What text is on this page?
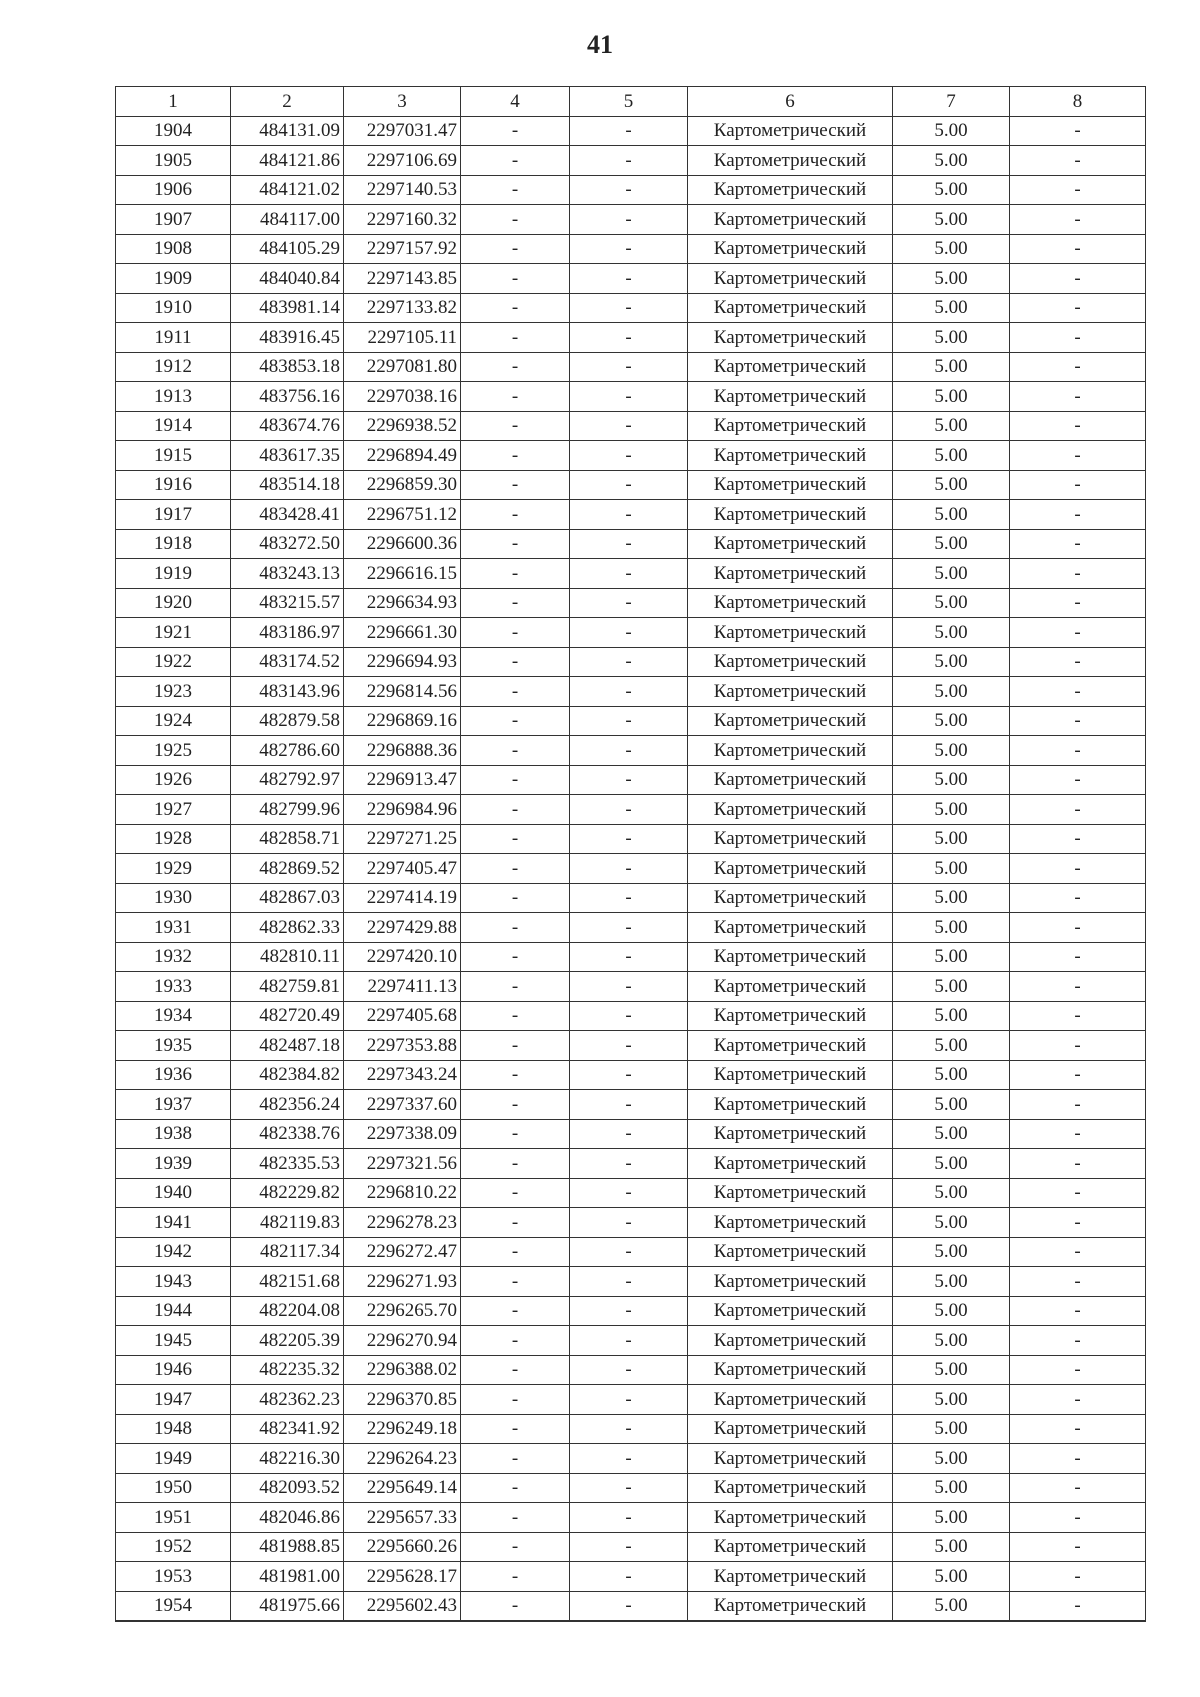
41
1	2	3	4	5	6	7	8
1904	484131.09	2297031.47	-	-	Картометрический	5.00	-
1905	484121.86	2297106.69	-	-	Картометрический	5.00	-
1906	484121.02	2297140.53	-	-	Картометрический	5.00	-
1907	484117.00	2297160.32	-	-	Картометрический	5.00	-
1908	484105.29	2297157.92	-	-	Картометрический	5.00	-
1909	484040.84	2297143.85	-	-	Картометрический	5.00	-
1910	483981.14	2297133.82	-	-	Картометрический	5.00	-
1911	483916.45	2297105.11	-	-	Картометрический	5.00	-
1912	483853.18	2297081.80	-	-	Картометрический	5.00	-
1913	483756.16	2297038.16	-	-	Картометрический	5.00	-
1914	483674.76	2296938.52	-	-	Картометрический	5.00	-
1915	483617.35	2296894.49	-	-	Картометрический	5.00	-
1916	483514.18	2296859.30	-	-	Картометрический	5.00	-
1917	483428.41	2296751.12	-	-	Картометрический	5.00	-
1918	483272.50	2296600.36	-	-	Картометрический	5.00	-
1919	483243.13	2296616.15	-	-	Картометрический	5.00	-
1920	483215.57	2296634.93	-	-	Картометрический	5.00	-
1921	483186.97	2296661.30	-	-	Картометрический	5.00	-
1922	483174.52	2296694.93	-	-	Картометрический	5.00	-
1923	483143.96	2296814.56	-	-	Картометрический	5.00	-
1924	482879.58	2296869.16	-	-	Картометрический	5.00	-
1925	482786.60	2296888.36	-	-	Картометрический	5.00	-
1926	482792.97	2296913.47	-	-	Картометрический	5.00	-
1927	482799.96	2296984.96	-	-	Картометрический	5.00	-
1928	482858.71	2297271.25	-	-	Картометрический	5.00	-
1929	482869.52	2297405.47	-	-	Картометрический	5.00	-
1930	482867.03	2297414.19	-	-	Картометрический	5.00	-
1931	482862.33	2297429.88	-	-	Картометрический	5.00	-
1932	482810.11	2297420.10	-	-	Картометрический	5.00	-
1933	482759.81	2297411.13	-	-	Картометрический	5.00	-
1934	482720.49	2297405.68	-	-	Картометрический	5.00	-
1935	482487.18	2297353.88	-	-	Картометрический	5.00	-
1936	482384.82	2297343.24	-	-	Картометрический	5.00	-
1937	482356.24	2297337.60	-	-	Картометрический	5.00	-
1938	482338.76	2297338.09	-	-	Картометрический	5.00	-
1939	482335.53	2297321.56	-	-	Картометрический	5.00	-
1940	482229.82	2296810.22	-	-	Картометрический	5.00	-
1941	482119.83	2296278.23	-	-	Картометрический	5.00	-
1942	482117.34	2296272.47	-	-	Картометрический	5.00	-
1943	482151.68	2296271.93	-	-	Картометрический	5.00	-
1944	482204.08	2296265.70	-	-	Картометрический	5.00	-
1945	482205.39	2296270.94	-	-	Картометрический	5.00	-
1946	482235.32	2296388.02	-	-	Картометрический	5.00	-
1947	482362.23	2296370.85	-	-	Картометрический	5.00	-
1948	482341.92	2296249.18	-	-	Картометрический	5.00	-
1949	482216.30	2296264.23	-	-	Картометрический	5.00	-
1950	482093.52	2295649.14	-	-	Картометрический	5.00	-
1951	482046.86	2295657.33	-	-	Картометрический	5.00	-
1952	481988.85	2295660.26	-	-	Картометрический	5.00	-
1953	481981.00	2295628.17	-	-	Картометрический	5.00	-
1954	481975.66	2295602.43	-	-	Картометрический	5.00	-
